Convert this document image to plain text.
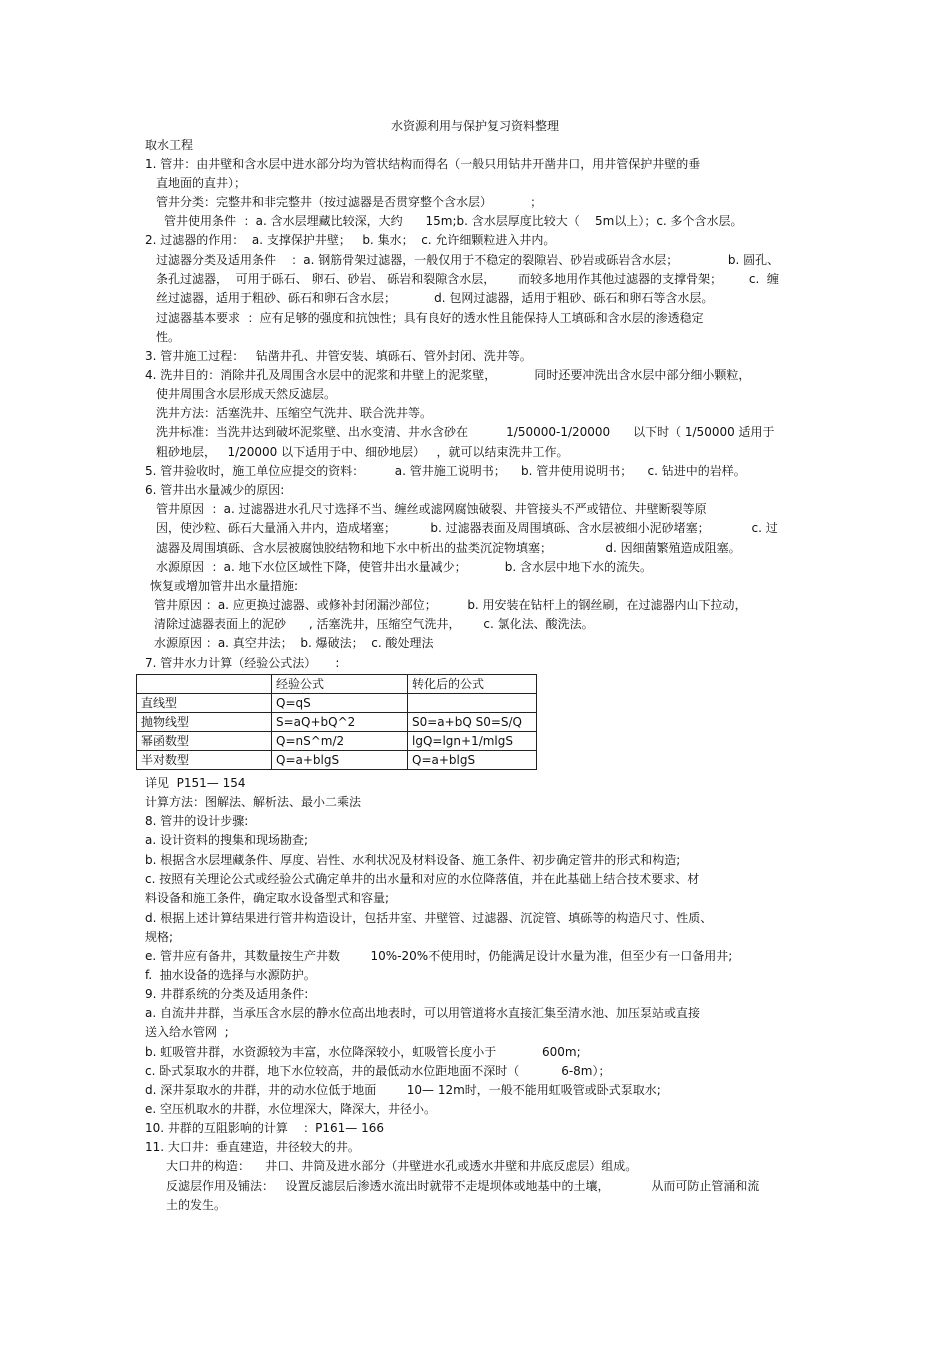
水资源利用与保护复习资料整理
取水工程
1. 管井：由井壁和含水层中进水部分均为管状结构而得名（一般只用钻井开凿井口，用井管保护井壁的垂
直地面的直井）；
管井分类：完整井和非完整井（按过滤器是否贯穿整个含水层）          ；
管井使用条件  ：a. 含水层埋藏比较深，大约      15m;b. 含水层厚度比较大（    5m以上）；c. 多个含水层。
2. 过滤器的作用：  a. 支撑保护井壁；   b. 集水；  c. 允许细颗粒进入井内。
过滤器分类及适用条件    ：a. 钢筋骨架过滤器，一般仅用于不稳定的裂隙岩、砂岩或砾岩含水层；             b. 圆孔、
条孔过滤器，  可用于砾石、 卵石、砂岩、 砾岩和裂隙含水层，      而较多地用作其他过滤器的支撑骨架；       c.  缠
丝过滤器，适用于粗砂、砾石和卵石含水层；          d. 包网过滤器，适用于粗砂、砾石和卵石等含水层。
过滤器基本要求  ：应有足够的强度和抗蚀性；具有良好的透水性且能保持人工填砾和含水层的渗透稳定
性。
3. 管井施工过程：   钻凿井孔、井管安装、填砾石、管外封闭、洗井等。
4. 洗井目的：消除井孔及周围含水层中的泥浆和井壁上的泥浆壁，          同时还要冲洗出含水层中部分细小颗粒，
使井周围含水层形成天然反滤层。
洗井方法：活塞洗井、压缩空气洗井、联合洗井等。
洗井标准：当洗井达到破坏泥浆壁、出水变清、井水含砂在          1/50000-1/20000      以下时（ 1/50000 适用于
粗砂地层，   1/20000 以下适用于中、细砂地层）   ，就可以结束洗井工作。
5. 管井验收时，施工单位应提交的资料：        a. 管井施工说明书；    b. 管井使用说明书；    c. 钻进中的岩样。
6. 管井出水量减少的原因:
管井原因  ：a. 过滤器进水孔尺寸选择不当、缠丝或滤网腐蚀破裂、井管接头不严或错位、井壁断裂等原
因，使沙粒、砾石大量涌入井内，造成堵塞；         b. 过滤器表面及周围填砾、含水层被细小泥砂堵塞；           c. 过
滤器及周围填砾、含水层被腐蚀胶结物和地下水中析出的盐类沉淀物填塞；              d. 因细菌繁殖造成阻塞。
水源原因  ：a. 地下水位区域性下降，使管井出水量减少；          b. 含水层中地下水的流失。
恢复或增加管井出水量措施:
管井原因 ：a. 应更换过滤器、或修补封闭漏沙部位；        b. 用安装在钻杆上的钢丝刷，在过滤器内山下拉动，
清除过滤器表面上的泥砂      , 活塞洗井，压缩空气洗井，      c. 氯化法、酸洗法。
水源原因 ：a. 真空井法；  b. 爆破法；  c. 酸处理法
7. 管井水力计算（经验公式法）     :
	经验公式	转化后的公式
直线型	Q=qS	
抛物线型	S=aQ+bQ^2	S0=a+bQ S0=S/Q
幂函数型	Q=nS^m/2	lgQ=lgn+1/mlgS
半对数型	Q=a+blgS	Q=a+blgS
详见  P151— 154
计算方法：图解法、解析法、最小二乘法
8. 管井的设计步骤:
a. 设计资料的搜集和现场勘查;
b. 根据含水层埋藏条件、厚度、岩性、水利状况及材料设备、施工条件、初步确定管井的形式和构造;
c. 按照有关理论公式或经验公式确定单井的出水量和对应的水位降落值，并在此基础上结合技术要求、材
料设备和施工条件，确定取水设备型式和容量;
d. 根据上述计算结果进行管井构造设计，包括井室、井壁管、过滤器、沉淀管、填砾等的构造尺寸、性质、
规格;
e. 管井应有备井，其数量按生产井数        10%-20%不使用时，仍能满足设计水量为准，但至少有一口备用井;
f.  抽水设备的选择与水源防护。
9. 井群系统的分类及适用条件:
a. 自流井井群，当承压含水层的静水位高出地表时，可以用管道将水直接汇集至清水池、加压泵站或直接
送入给水管网  ;
b. 虹吸管井群，水资源较为丰富，水位降深较小，虹吸管长度小于            600m;
c. 卧式泵取水的井群，地下水位较高，井的最低动水位距地面不深时（           6-8m）；
d. 深井泵取水的井群，井的动水位低于地面        10— 12m时，一般不能用虹吸管或卧式泵取水;
e. 空压机取水的井群，水位埋深大，降深大，井径小。
10. 井群的互阻影响的计算    ：P161— 166
11. 大口井：垂直建造，井径较大的井。
大口井的构造：    井口、井筒及进水部分（井壁进水孔或透水井壁和井底反虑层）组成。
反滤层作用及铺法：   设置反滤层后渗透水流出时就带不走堤坝体或地基中的土壤，           从而可防止管涌和流
土的发生。
